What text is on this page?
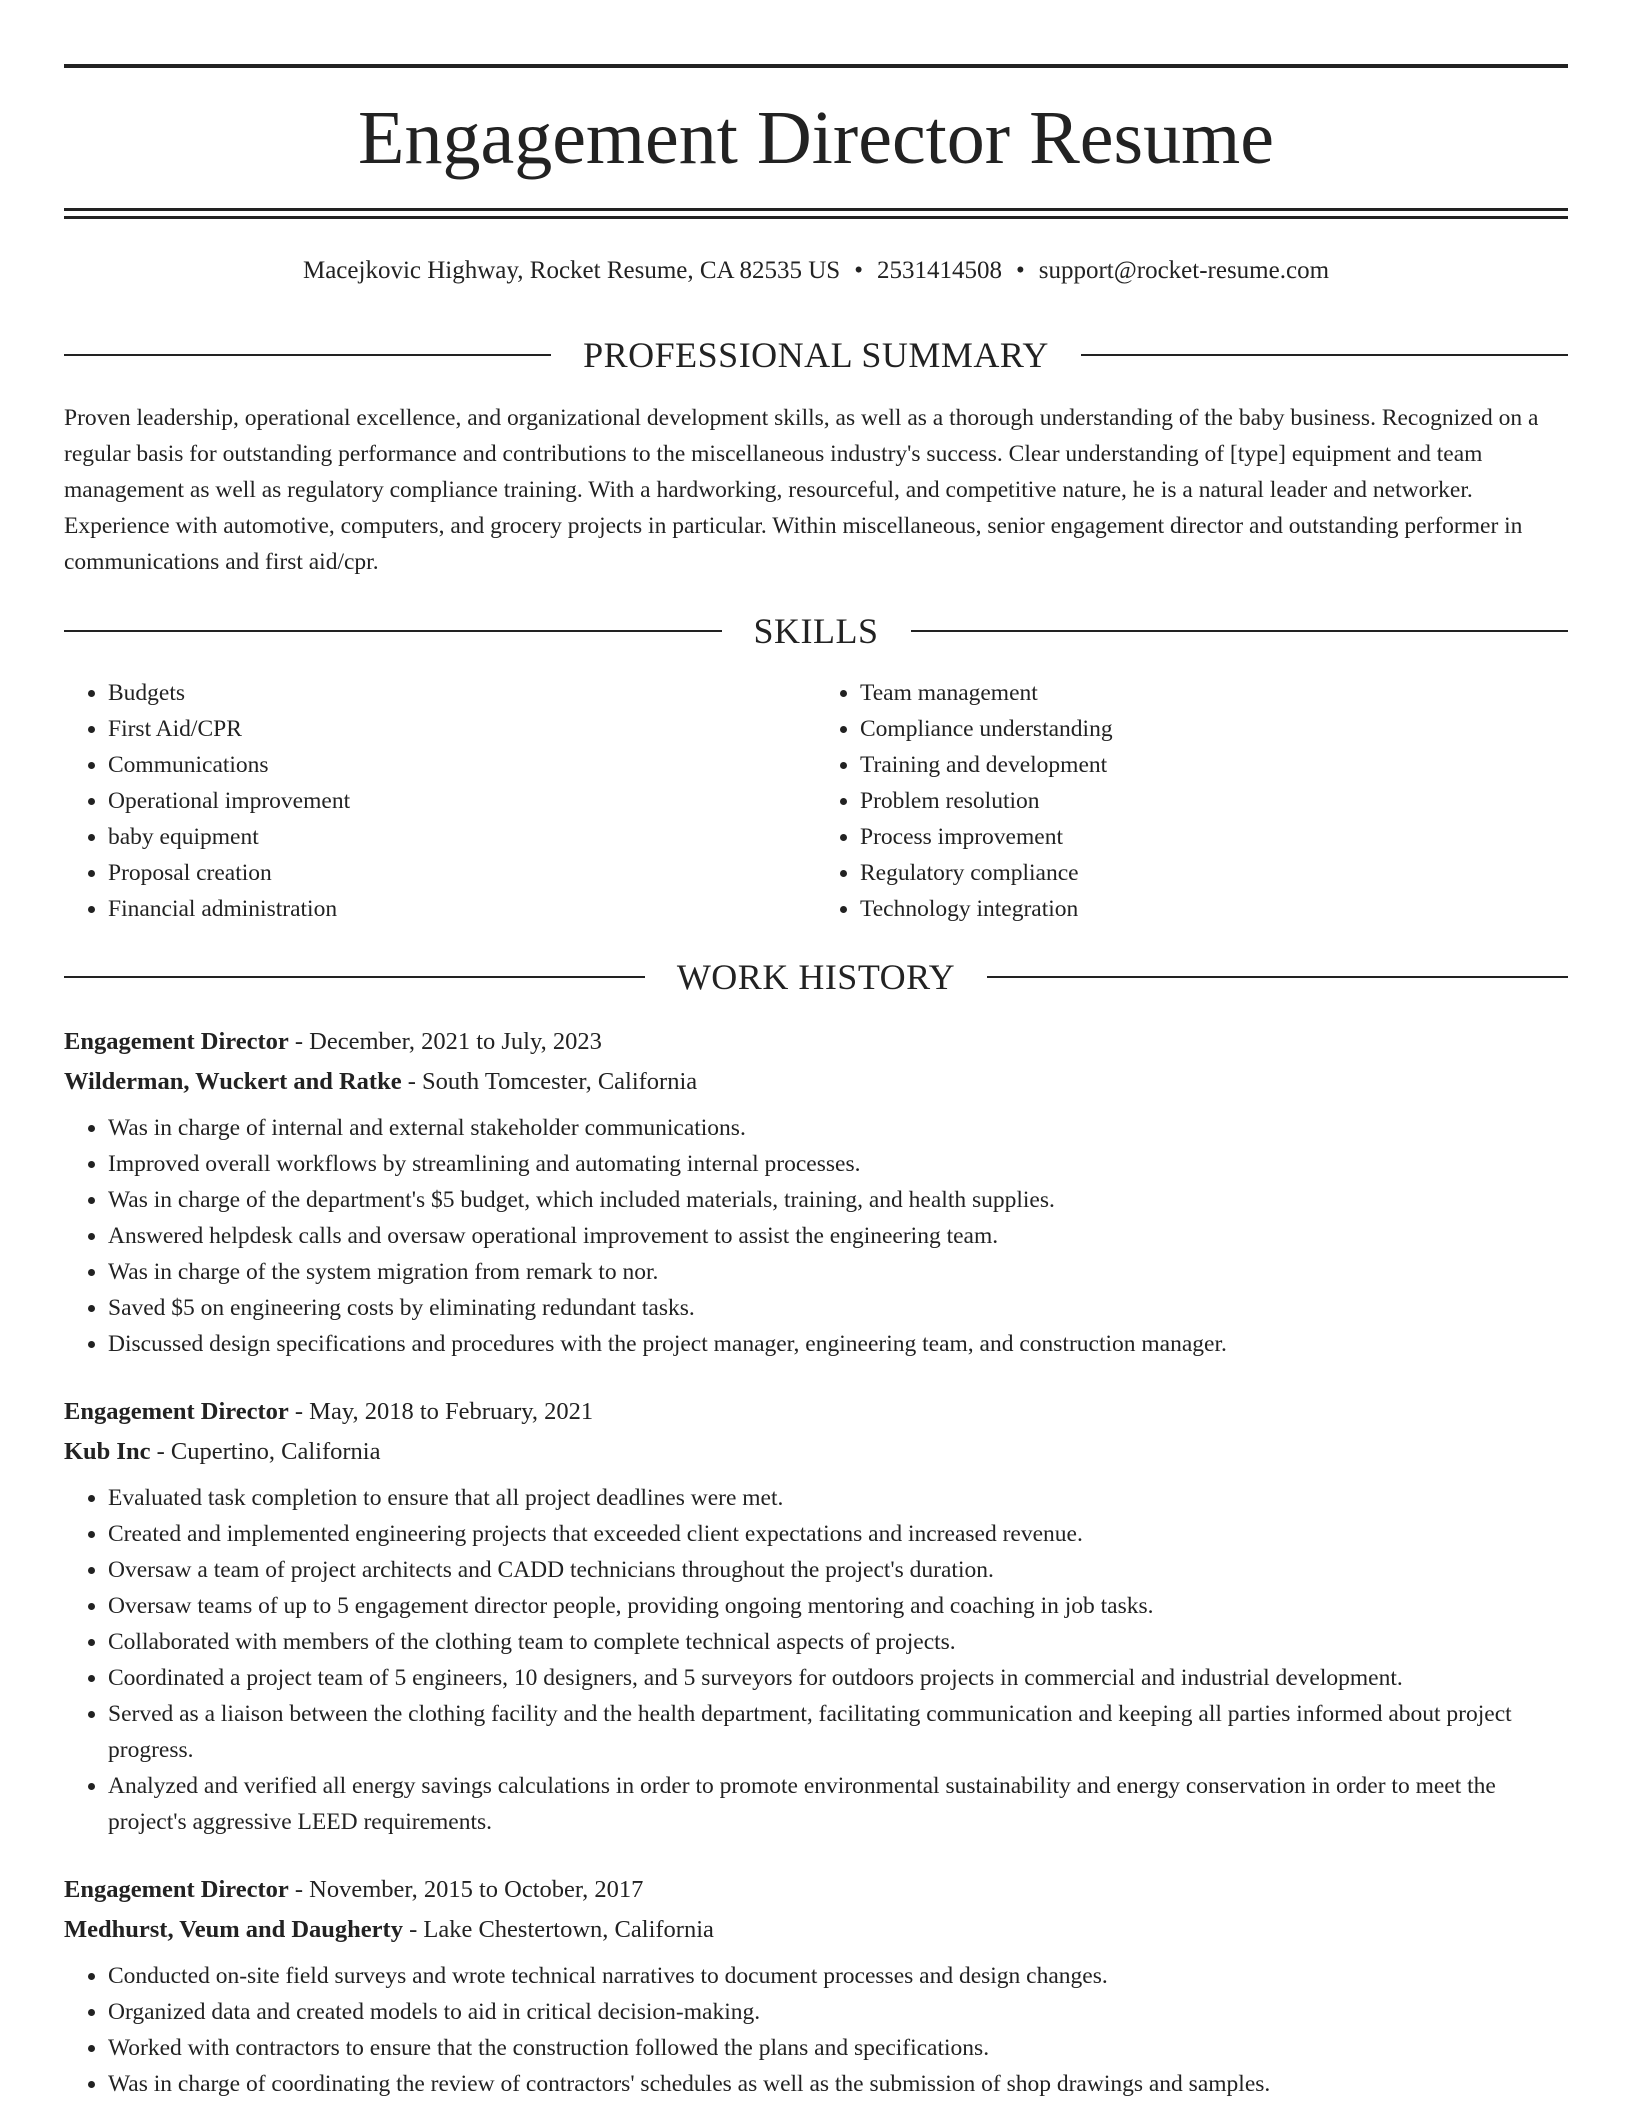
Engagement Director Resume
Macejkovic Highway, Rocket Resume, CA 82535 US • 2531414508 • support@rocket-resume.com
PROFESSIONAL SUMMARY

Proven leadership, operational excellence, and organizational development skills, as well as a thorough understanding of the baby business. Recognized on a regular basis for outstanding performance and contributions to the miscellaneous industry's success. Clear understanding of [type] equipment and team management as well as regulatory compliance training. With a hardworking, resourceful, and competitive nature, he is a natural leader and networker. Experience with automotive, computers, and grocery projects in particular. Within miscellaneous, senior engagement director and outstanding performer in communications and first aid/cpr.

SKILLS
• Budgets
• First Aid/CPR
• Communications
• Operational improvement
• baby equipment
• Proposal creation
• Financial administration
• Team management
• Compliance understanding
• Training and development
• Problem resolution
• Process improvement
• Regulatory compliance
• Technology integration
WORK HISTORY
Engagement Director - December, 2021 to July, 2023
Wilderman, Wuckert and Ratke - South Tomcester, California
• Was in charge of internal and external stakeholder communications.
• Improved overall workflows by streamlining and automating internal processes.
• Was in charge of the department's $5 budget, which included materials, training, and health supplies.
• Answered helpdesk calls and oversaw operational improvement to assist the engineering team.
• Was in charge of the system migration from remark to nor.
• Saved $5 on engineering costs by eliminating redundant tasks.
• Discussed design specifications and procedures with the project manager, engineering team, and construction manager.
Engagement Director - May, 2018 to February, 2021
Kub Inc - Cupertino, California
• Evaluated task completion to ensure that all project deadlines were met.
• Created and implemented engineering projects that exceeded client expectations and increased revenue.
• Oversaw a team of project architects and CADD technicians throughout the project's duration.
• Oversaw teams of up to 5 engagement director people, providing ongoing mentoring and coaching in job tasks.
• Collaborated with members of the clothing team to complete technical aspects of projects.
• Coordinated a project team of 5 engineers, 10 designers, and 5 surveyors for outdoors projects in commercial and industrial development.
• Served as a liaison between the clothing facility and the health department, facilitating communication and keeping all parties informed about project progress.
• Analyzed and verified all energy savings calculations in order to promote environmental sustainability and energy conservation in order to meet the project's aggressive LEED requirements.
Engagement Director - November, 2015 to October, 2017
Medhurst, Veum and Daugherty - Lake Chestertown, California
• Conducted on-site field surveys and wrote technical narratives to document processes and design changes.
• Organized data and created models to aid in critical decision-making.
• Worked with contractors to ensure that the construction followed the plans and specifications.
• Was in charge of coordinating the review of contractors' schedules as well as the submission of shop drawings and samples.
